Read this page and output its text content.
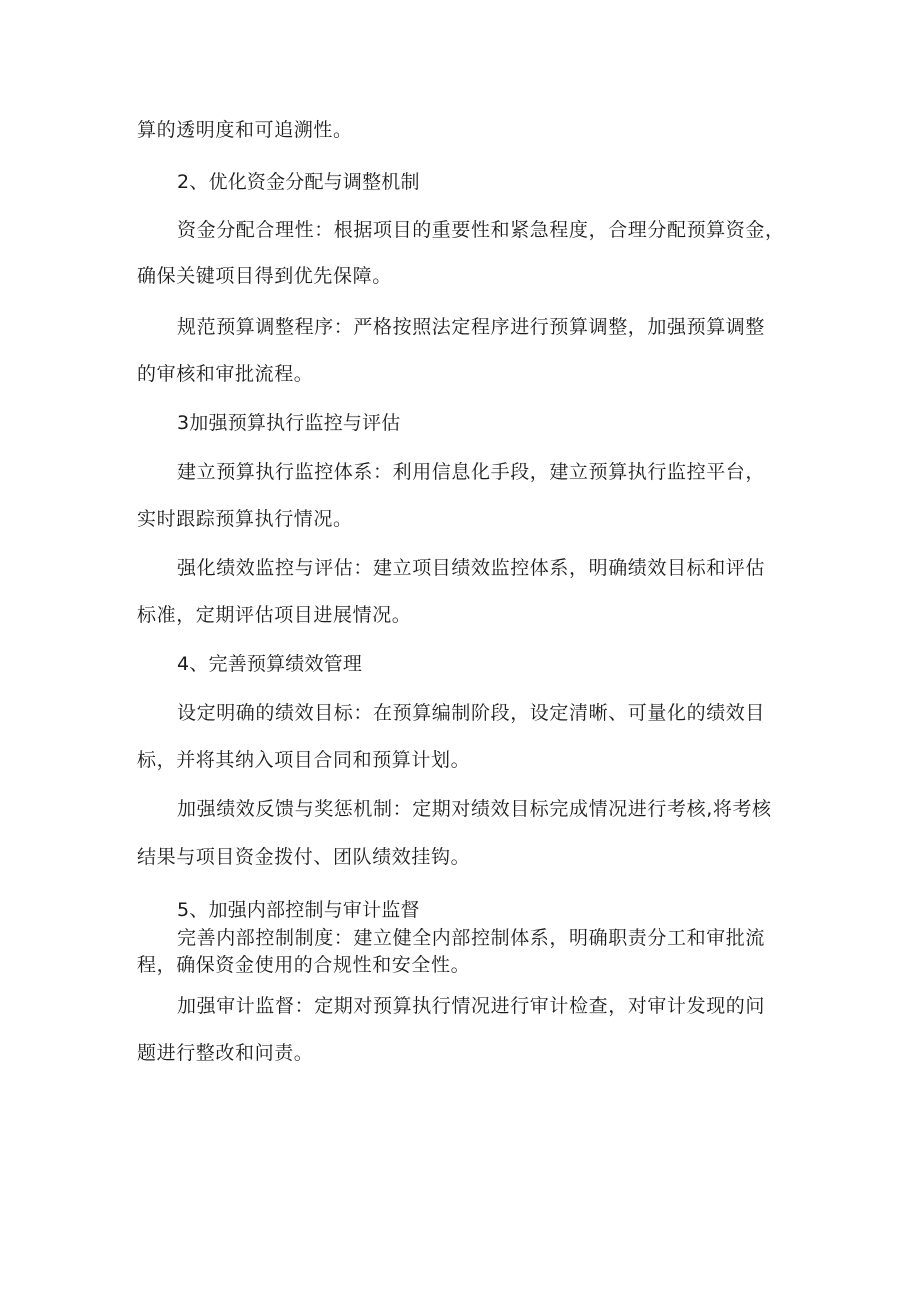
算的透明度和可追溯性。
2、优化资金分配与调整机制
资金分配合理性：根据项目的重要性和紧急程度，合理分配预算资金，
确保关键项目得到优先保障。
规范预算调整程序：严格按照法定程序进行预算调整，加强预算调整
的审核和审批流程。
3加强预算执行监控与评估
建立预算执行监控体系：利用信息化手段，建立预算执行监控平台，
实时跟踪预算执行情况。
强化绩效监控与评估：建立项目绩效监控体系，明确绩效目标和评估
标准，定期评估项目进展情况。
4、完善预算绩效管理
设定明确的绩效目标：在预算编制阶段，设定清晰、可量化的绩效目
标，并将其纳入项目合同和预算计划。
加强绩效反馈与奖惩机制：定期对绩效目标完成情况进行考核,将考核
结果与项目资金拨付、团队绩效挂钩。
5、加强内部控制与审计监督
完善内部控制制度：建立健全内部控制体系，明确职责分工和审批流
程，确保资金使用的合规性和安全性。
加强审计监督：定期对预算执行情况进行审计检查，对审计发现的问
题进行整改和问责。
